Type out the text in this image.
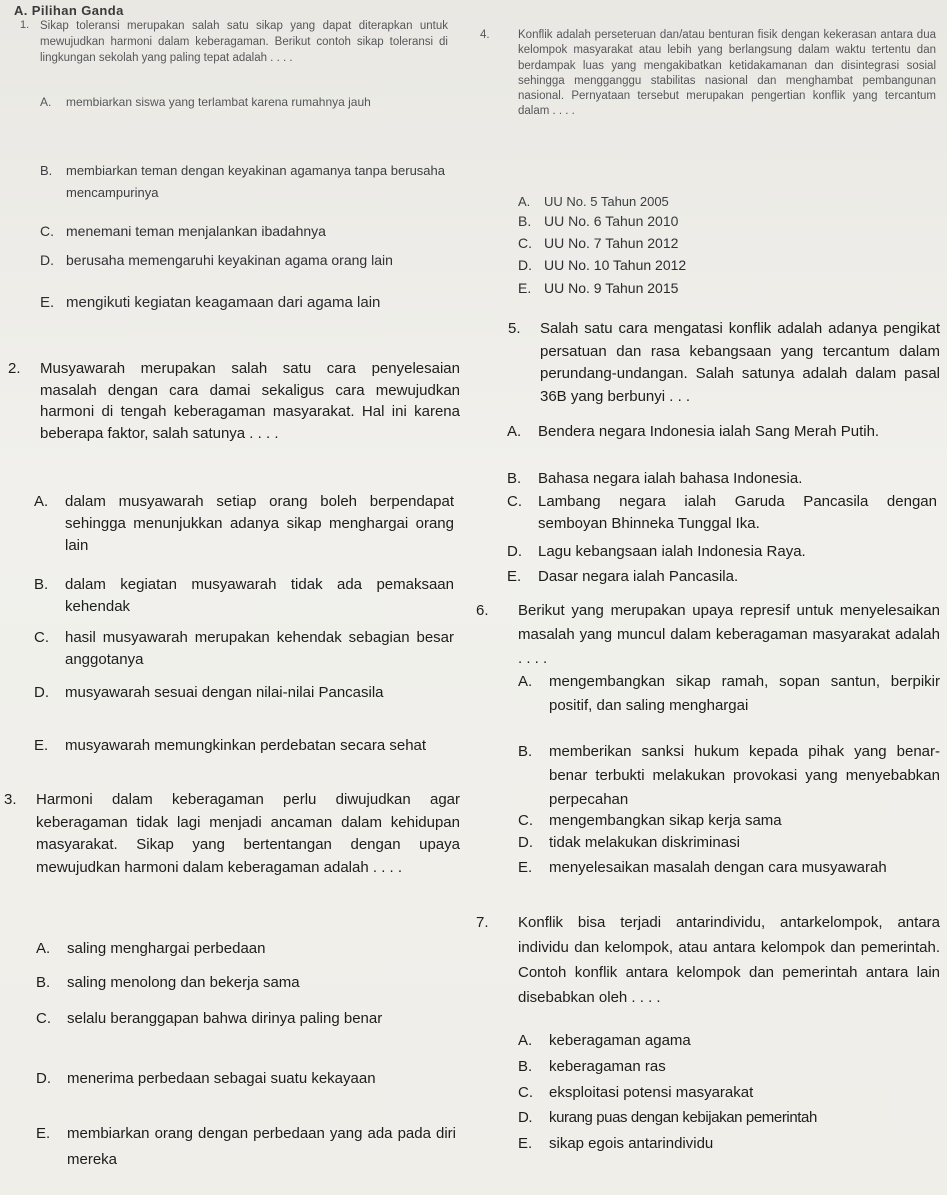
A. Pilihan Ganda
1. Sikap toleransi merupakan salah satu sikap yang dapat diterapkan untuk mewujudkan harmoni dalam keberagaman. Berikut contoh sikap toleransi di lingkungan sekolah yang paling tepat adalah . . . .
A.	membiarkan siswa yang terlambat karena rumahnya jauh
B.	membiarkan teman dengan keyakinan agamanya tanpa berusaha mencampurinya
C. menemani teman menjalankan ibadahnya
D. berusaha memengaruhi keyakinan agama orang lain
E. mengikuti kegiatan keagamaan dari agama lain
2.	Musyawarah merupakan salah satu cara penyelesaian masalah dengan cara damai sekaligus cara mewujudkan harmoni di tengah keberagaman masyarakat. Hal ini karena beberapa faktor, salah satunya . . . .
A.	dalam musyawarah setiap orang boleh berpendapat sehingga menunjukkan adanya sikap menghargai orang lain
B.	dalam kegiatan musyawarah tidak ada pemaksaan kehendak
C.	hasil musyawarah merupakan kehendak sebagian besar anggotanya
D.	musyawarah sesuai dengan nilai-nilai Pancasila
E.	musyawarah memungkinkan perdebatan secara sehat
3.	Harmoni dalam keberagaman perlu diwujudkan agar keberagaman tidak lagi menjadi ancaman dalam kehidupan masyarakat. Sikap yang bertentangan dengan upaya mewujudkan harmoni dalam keberagaman adalah . . . .
A.	saling menghargai perbedaan
B.	saling menolong dan bekerja sama
C.	selalu beranggapan bahwa dirinya paling benar
D.	menerima perbedaan sebagai suatu kekayaan
E.	membiarkan orang dengan perbedaan yang ada pada diri mereka
4.	Konflik adalah perseteruan dan/atau benturan fisik dengan kekerasan antara dua kelompok masyarakat atau lebih yang berlangsung dalam waktu tertentu dan berdampak luas yang mengakibatkan ketidakamanan dan disintegrasi sosial sehingga mengganggu stabilitas nasional dan menghambat pembangunan nasional. Pernyataan tersebut merupakan pengertian konflik yang tercantum dalam . . . .
A.	UU No. 5 Tahun 2005
B. UU No. 6 Tahun 2010
C. UU No. 7 Tahun 2012
D. UU No. 10 Tahun 2012
E. UU No. 9 Tahun 2015
5.	Salah satu cara mengatasi konflik adalah adanya pengikat persatuan dan rasa kebangsaan yang tercantum dalam perundang-undangan. Salah satunya adalah dalam pasal 36B yang berbunyi . . .
A.	Bendera negara Indonesia ialah Sang Merah Putih.
B.	Bahasa negara ialah bahasa Indonesia.
C.	Lambang negara ialah Garuda Pancasila dengan semboyan Bhinneka Tunggal Ika.
D.	Lagu kebangsaan ialah Indonesia Raya.
E.	Dasar negara ialah Pancasila.
6.	Berikut yang merupakan upaya represif untuk menyelesaikan masalah yang muncul dalam keberagaman masyarakat adalah . . . .
A.	mengembangkan sikap ramah, sopan santun, berpikir positif, dan saling menghargai
B.	memberikan sanksi hukum kepada pihak yang benar-benar terbukti melakukan provokasi yang menyebabkan perpecahan
C.	mengembangkan sikap kerja sama
D.	tidak melakukan diskriminasi
E.	menyelesaikan masalah dengan cara musyawarah
7.	Konflik bisa terjadi antarindividu, antarkelompok, antara individu dan kelompok, atau antara kelompok dan pemerintah. Contoh konflik antara kelompok dan pemerintah antara lain disebabkan oleh . . . .
A.	keberagaman agama
B.	keberagaman ras
C.	eksploitasi potensi masyarakat
D.	kurang puas dengan kebijakan pemerintah
E.	sikap egois antarindividu
